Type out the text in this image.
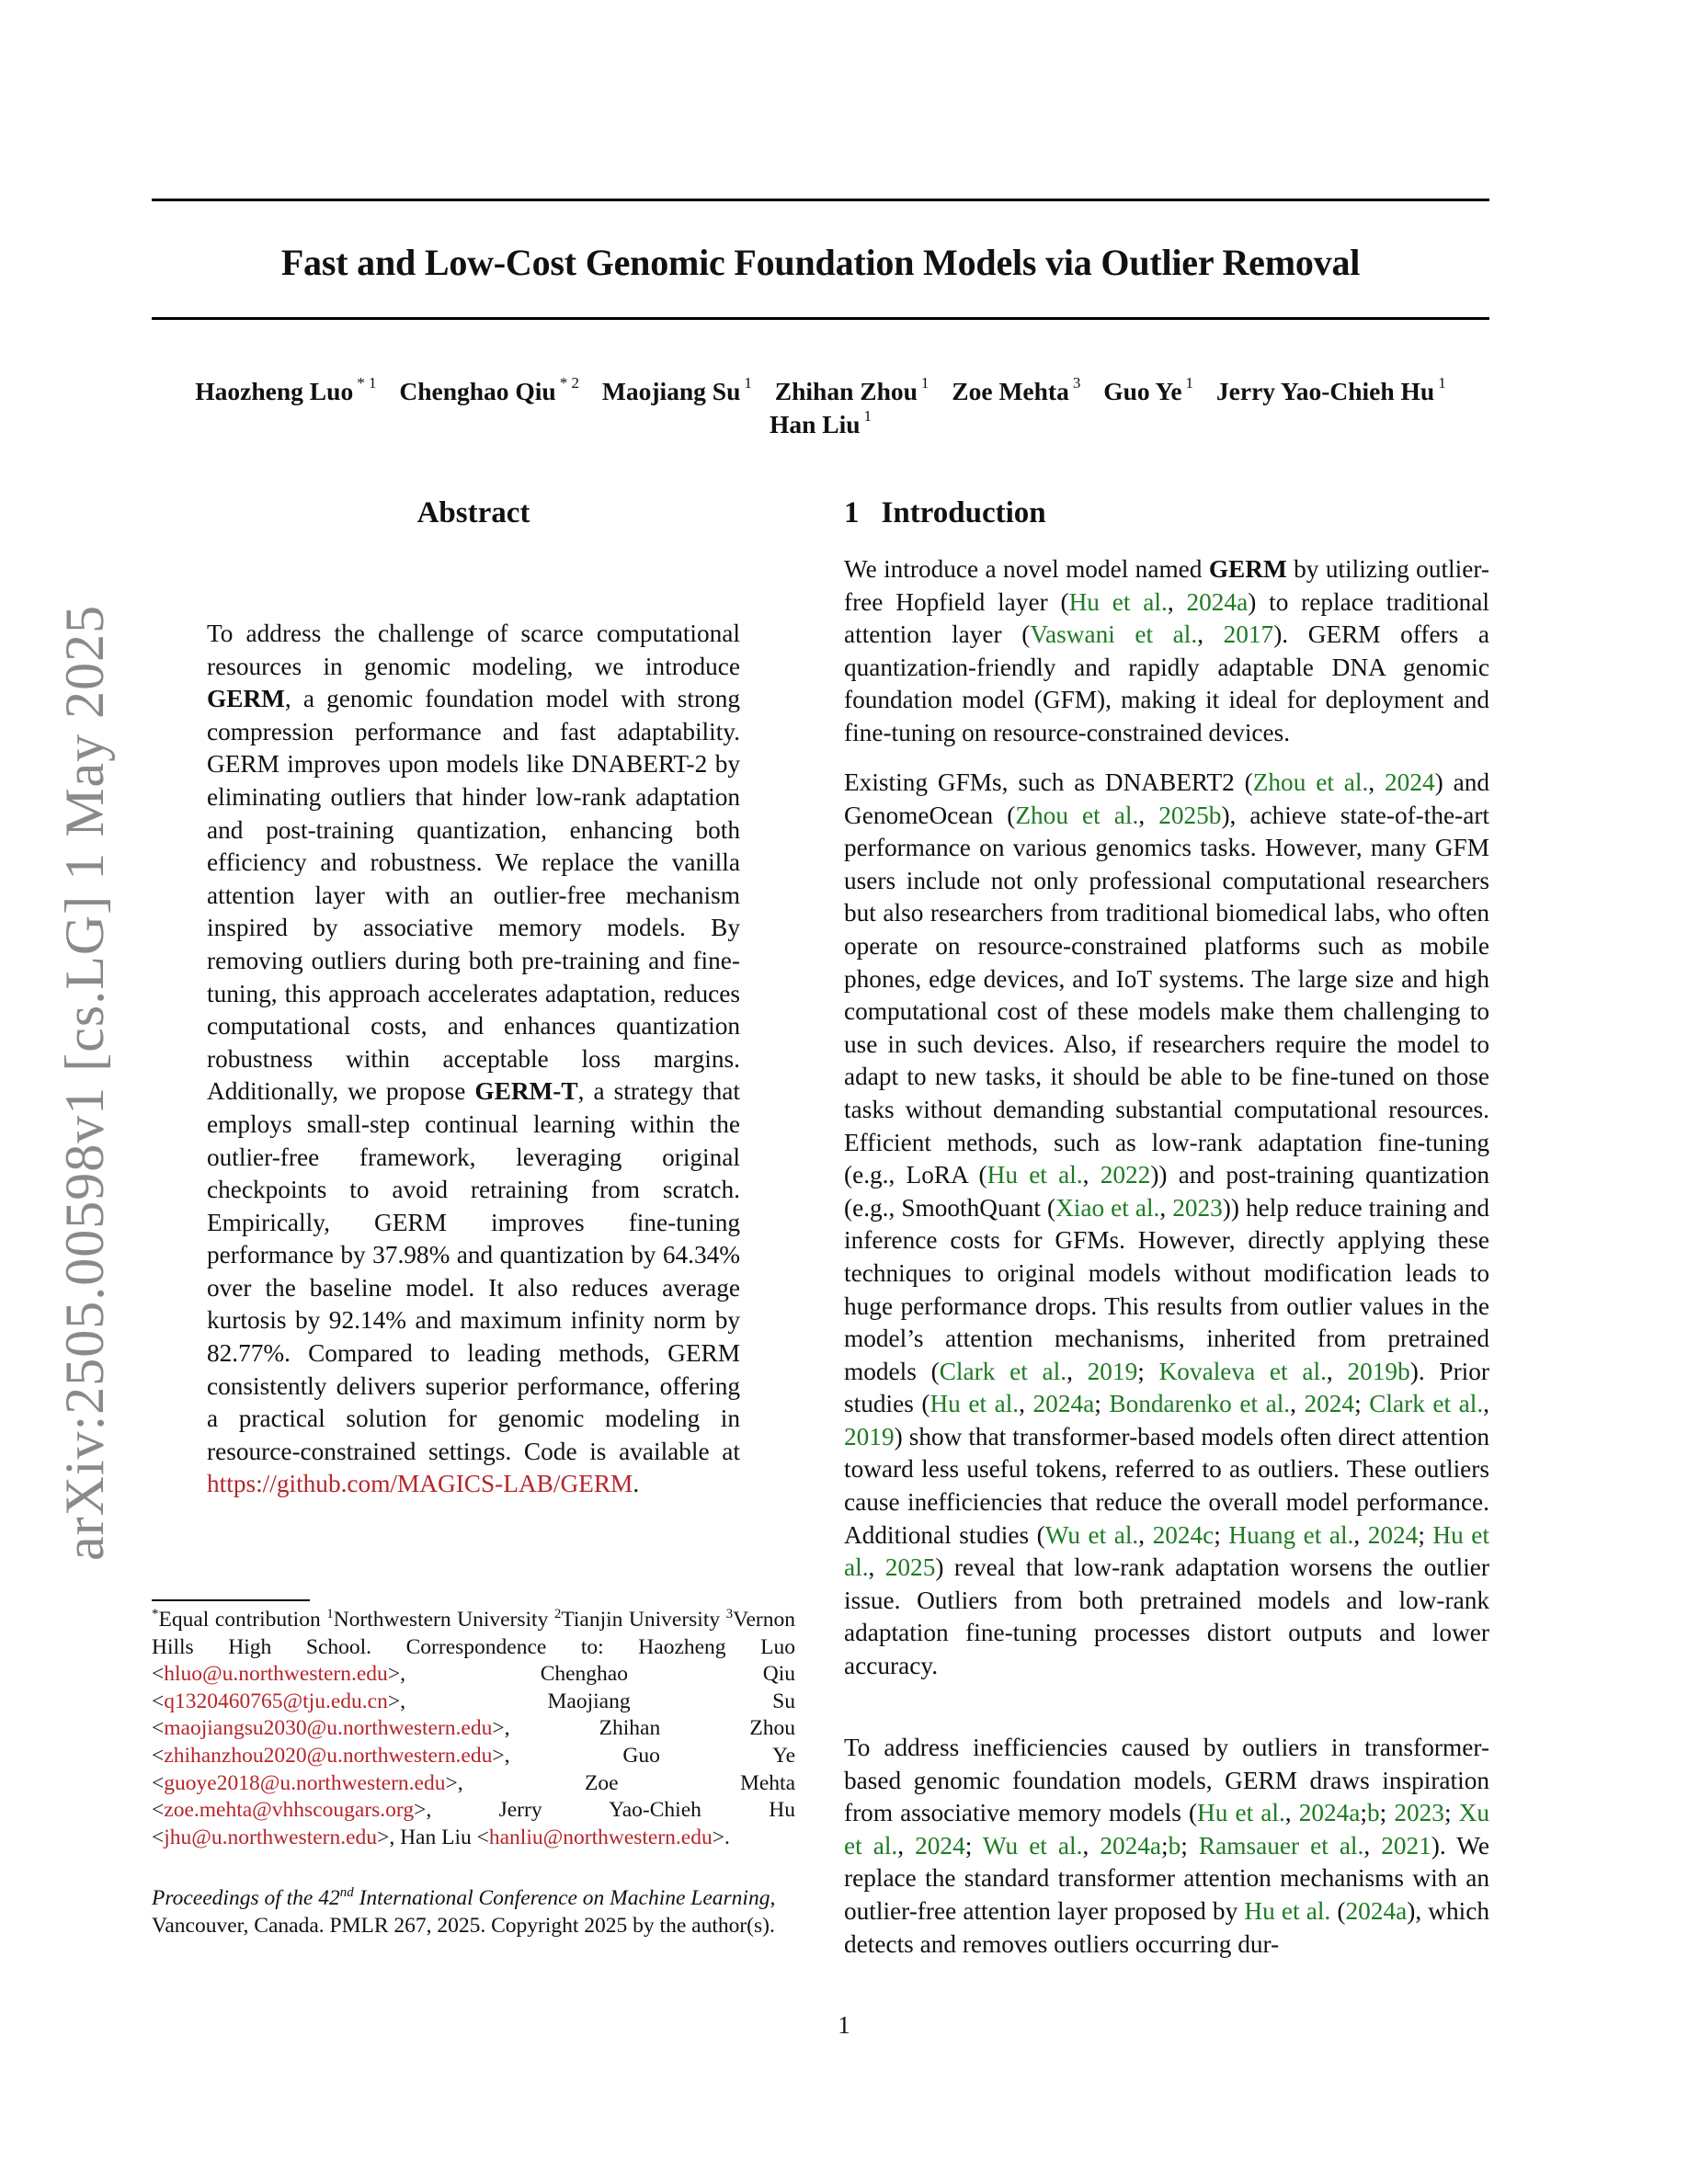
Fast and Low-Cost Genomic Foundation Models via Outlier Removal
Haozheng Luo $^{* 1}$ Chenghao Qiu $^{* 2}$ Maojiang Su $^1$ Zhihan Zhou $^1$ Zoe Mehta $^3$ Guo Ye $^1$ Jerry Yao-Chieh Hu $^1$
Han Liu $^1$
arXiv:2505.00598v1 [cs.LG] 1 May 2025
Abstract	1 Introduction
To address the challenge of scarce computational resources in genomic modeling, we introduce GERM, a genomic foundation model with strong compression performance and fast adaptability. GERM improves upon models like DNABERT-2 by eliminating outliers that hinder low-rank adaptation and post-training quantization, enhancing both efficiency and robustness. We replace the vanilla attention layer with an outlier-free mechanism inspired by associative memory models. By removing outliers during both pre-training and fine-tuning, this approach accelerates adaptation, reduces computational costs, and enhances quantization robustness within acceptable loss margins. Additionally, we propose GERM-T, a strategy that employs small-step continual learning within the outlier-free framework, leveraging original checkpoints to avoid retraining from scratch. Empirically, GERM improves fine-tuning performance by 37.98% and quantization by 64.34% over the baseline model. It also reduces average kurtosis by 92.14% and maximum infinity norm by 82.77%. Compared to leading methods, GERM consistently delivers superior performance, offering a practical solution for genomic modeling in resource-constrained settings. Code is available at https://github.com/MAGICS-LAB/GERM.
*Equal contribution $^1$Northwestern University $^2$Tianjin University $^3$Vernon Hills High School. Correspondence to: Haozheng Luo <hluo@u.northwestern.edu>, Chenghao Qiu <q1320460765@tju.edu.cn>, Maojiang Su <maojiangsu2030@u.northwestern.edu>, Zhihan Zhou <zhihanzhou2020@u.northwestern.edu>, Guo Ye <guoye2018@u.northwestern.edu>, Zoe Mehta <zoe.mehta@vhhscougars.org>, Jerry Yao-Chieh Hu <jhu@u.northwestern.edu>, Han Liu <hanliu@northwestern.edu>.
Proceedings of the 42nd International Conference on Machine Learning, Vancouver, Canada. PMLR 267, 2025. Copyright 2025 by the author(s).
We introduce a novel model named GERM by utilizing outlier-free Hopfield layer (Hu et al., 2024a) to replace traditional attention layer (Vaswani et al., 2017). GERM offers a quantization-friendly and rapidly adaptable DNA genomic foundation model (GFM), making it ideal for deployment and fine-tuning on resource-constrained devices.
Existing GFMs, such as DNABERT2 (Zhou et al., 2024) and GenomeOcean (Zhou et al., 2025b), achieve state-of-the-art performance on various genomics tasks. However, many GFM users include not only professional computational researchers but also researchers from traditional biomedical labs, who often operate on resource-constrained platforms such as mobile phones, edge devices, and IoT systems. The large size and high computational cost of these models make them challenging to use in such devices. Also, if researchers require the model to adapt to new tasks, it should be able to be fine-tuned on those tasks without demanding substantial computational resources. Efficient methods, such as low-rank adaptation fine-tuning (e.g., LoRA (Hu et al., 2022)) and post-training quantization (e.g., SmoothQuant (Xiao et al., 2023)) help reduce training and inference costs for GFMs. However, directly applying these techniques to original models without modification leads to huge performance drops. This results from outlier values in the model’s attention mechanisms, inherited from pretrained models (Clark et al., 2019; Kovaleva et al., 2019b). Prior studies (Hu et al., 2024a; Bondarenko et al., 2024; Clark et al., 2019) show that transformer-based models often direct attention toward less useful tokens, referred to as outliers. These outliers cause inefficiencies that reduce the overall model performance. Additional studies (Wu et al., 2024c; Huang et al., 2024; Hu et al., 2025) reveal that low-rank adaptation worsens the outlier issue. Outliers from both pretrained models and low-rank adaptation fine-tuning processes distort outputs and lower accuracy.
To address inefficiencies caused by outliers in transformer-based genomic foundation models, GERM draws inspiration from associative memory models (Hu et al., 2024a;b; 2023; Xu et al., 2024; Wu et al., 2024a;b; Ramsauer et al., 2021). We replace the standard transformer attention mechanisms with an outlier-free attention layer proposed by Hu et al. (2024a), which detects and removes outliers occurring dur-
1
